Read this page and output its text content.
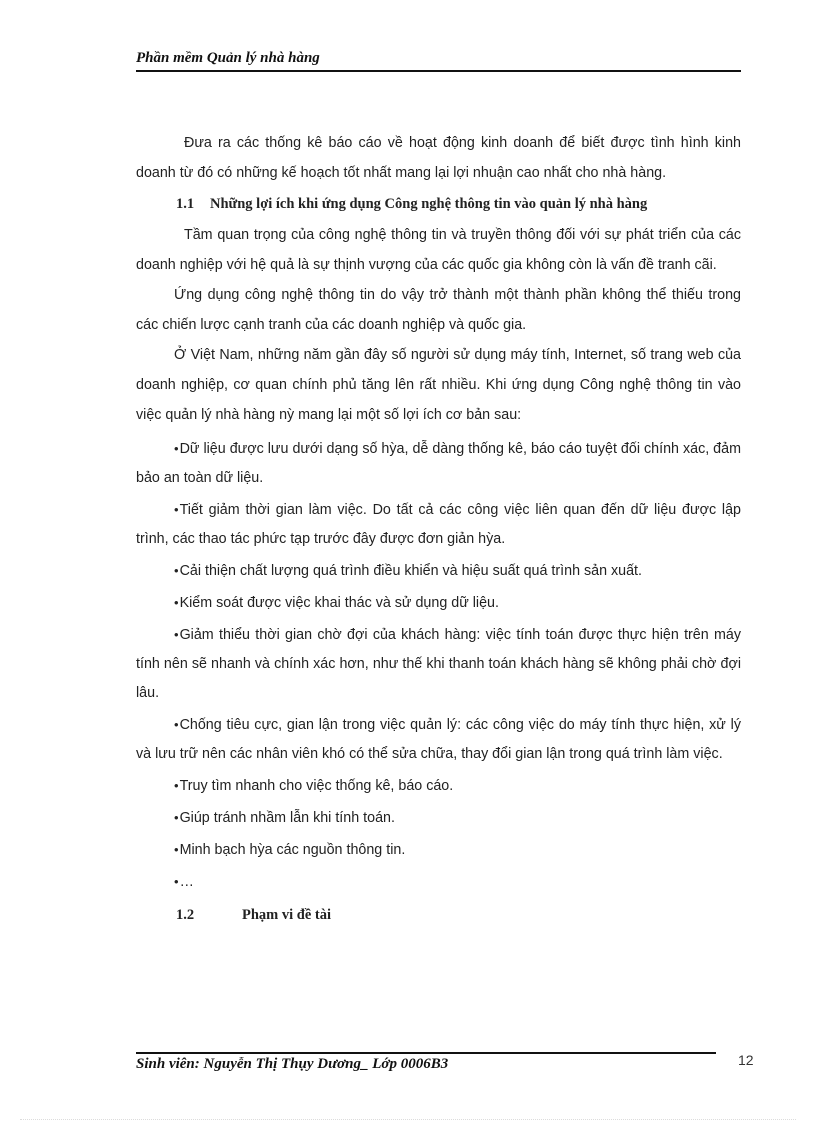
Phần mềm Quản lý nhà hàng

Đưa ra các thống kê báo cáo về hoạt động kinh doanh để biết được tình hình kinh doanh từ đó có những kế hoạch tốt nhất mang lại lợi nhuận cao nhất cho nhà hàng.

1.1 Những lợi ích khi ứng dụng Công nghệ thông tin vào quản lý nhà hàng

Tầm quan trọng của công nghệ thông tin và truyền thông đối với sự phát triển của các doanh nghiệp với hệ quả là sự thịnh vượng của các quốc gia không còn là vấn đề tranh cãi.

Ứng dụng công nghệ thông tin do vậy trở thành một thành phần không thể thiếu trong các chiến lược cạnh tranh của các doanh nghiệp và quốc gia.

Ở Việt Nam, những năm gần đây số người sử dụng máy tính, Internet, số trang web của doanh nghiệp, cơ quan chính phủ tăng lên rất nhiều. Khi ứng dụng Công nghệ thông tin vào việc quản lý nhà hàng nỳ mang lại một số lợi ích cơ bản sau:

•Dữ liệu được lưu dưới dạng số hỳa, dễ dàng thống kê, báo cáo tuyệt đối chính xác, đảm bảo an toàn dữ liệu.

•Tiết giảm thời gian làm việc. Do tất cả các công việc liên quan đến dữ liệu được lập trình, các thao tác phức tạp trước đây được đơn giản hỳa.

•Cải thiện chất lượng quá trình điều khiển và hiệu suất quá trình sản xuất.

•Kiểm soát được việc khai thác và sử dụng dữ liệu.

•Giảm thiểu thời gian chờ đợi của khách hàng: việc tính toán được thực hiện trên máy tính nên sẽ nhanh và chính xác hơn, như thế khi thanh toán khách hàng sẽ không phải chờ đợi lâu.

•Chống tiêu cực, gian lận trong việc quản lý: các công việc do máy tính thực hiện, xử lý và lưu trữ nên các nhân viên khó có thể sửa chữa, thay đổi gian lận trong quá trình làm việc.

•Truy tìm nhanh cho việc thống kê, báo cáo.

•Giúp tránh nhầm lẫn khi tính toán.

•Minh bạch hỳa các nguồn thông tin.

•…

1.2	Phạm vi đề tài

Sinh viên: Nguyễn Thị Thụy Dương_ Lớp 0006B3	12
